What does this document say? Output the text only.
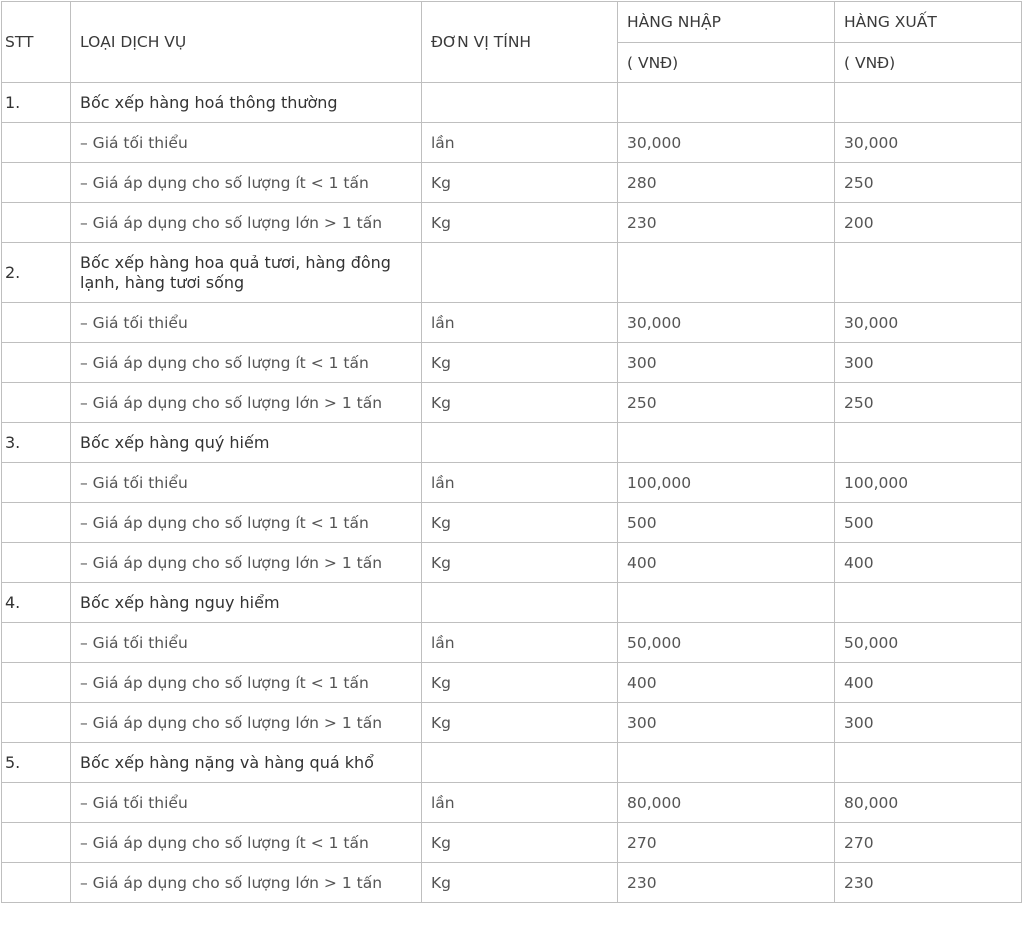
STT	LOẠI DỊCH VỤ	ĐƠN VỊ TÍNH	HÀNG NHẬP	HÀNG XUẤT
			( VNĐ)	( VNĐ)
1.	Bốc xếp hàng hoá thông thường			
	– Giá tối thiểu	lần	30,000	30,000
	– Giá áp dụng cho số lượng ít < 1 tấn	Kg	280	250
	– Giá áp dụng cho số lượng lớn > 1 tấn	Kg	230	200
2.	Bốc xếp hàng hoa quả tươi, hàng đông lạnh, hàng tươi sống			
	– Giá tối thiểu	lần	30,000	30,000
	– Giá áp dụng cho số lượng ít < 1 tấn	Kg	300	300
	– Giá áp dụng cho số lượng lớn > 1 tấn	Kg	250	250
3.	Bốc xếp hàng quý hiếm			
	– Giá tối thiểu	lần	100,000	100,000
	– Giá áp dụng cho số lượng ít < 1 tấn	Kg	500	500
	– Giá áp dụng cho số lượng lớn > 1 tấn	Kg	400	400
4.	Bốc xếp hàng nguy hiểm			
	– Giá tối thiểu	lần	50,000	50,000
	– Giá áp dụng cho số lượng ít < 1 tấn	Kg	400	400
	– Giá áp dụng cho số lượng lớn > 1 tấn	Kg	300	300
5.	Bốc xếp hàng nặng và hàng quá khổ			
	– Giá tối thiểu	lần	80,000	80,000
	– Giá áp dụng cho số lượng ít < 1 tấn	Kg	270	270
	– Giá áp dụng cho số lượng lớn > 1 tấn	Kg	230	230
